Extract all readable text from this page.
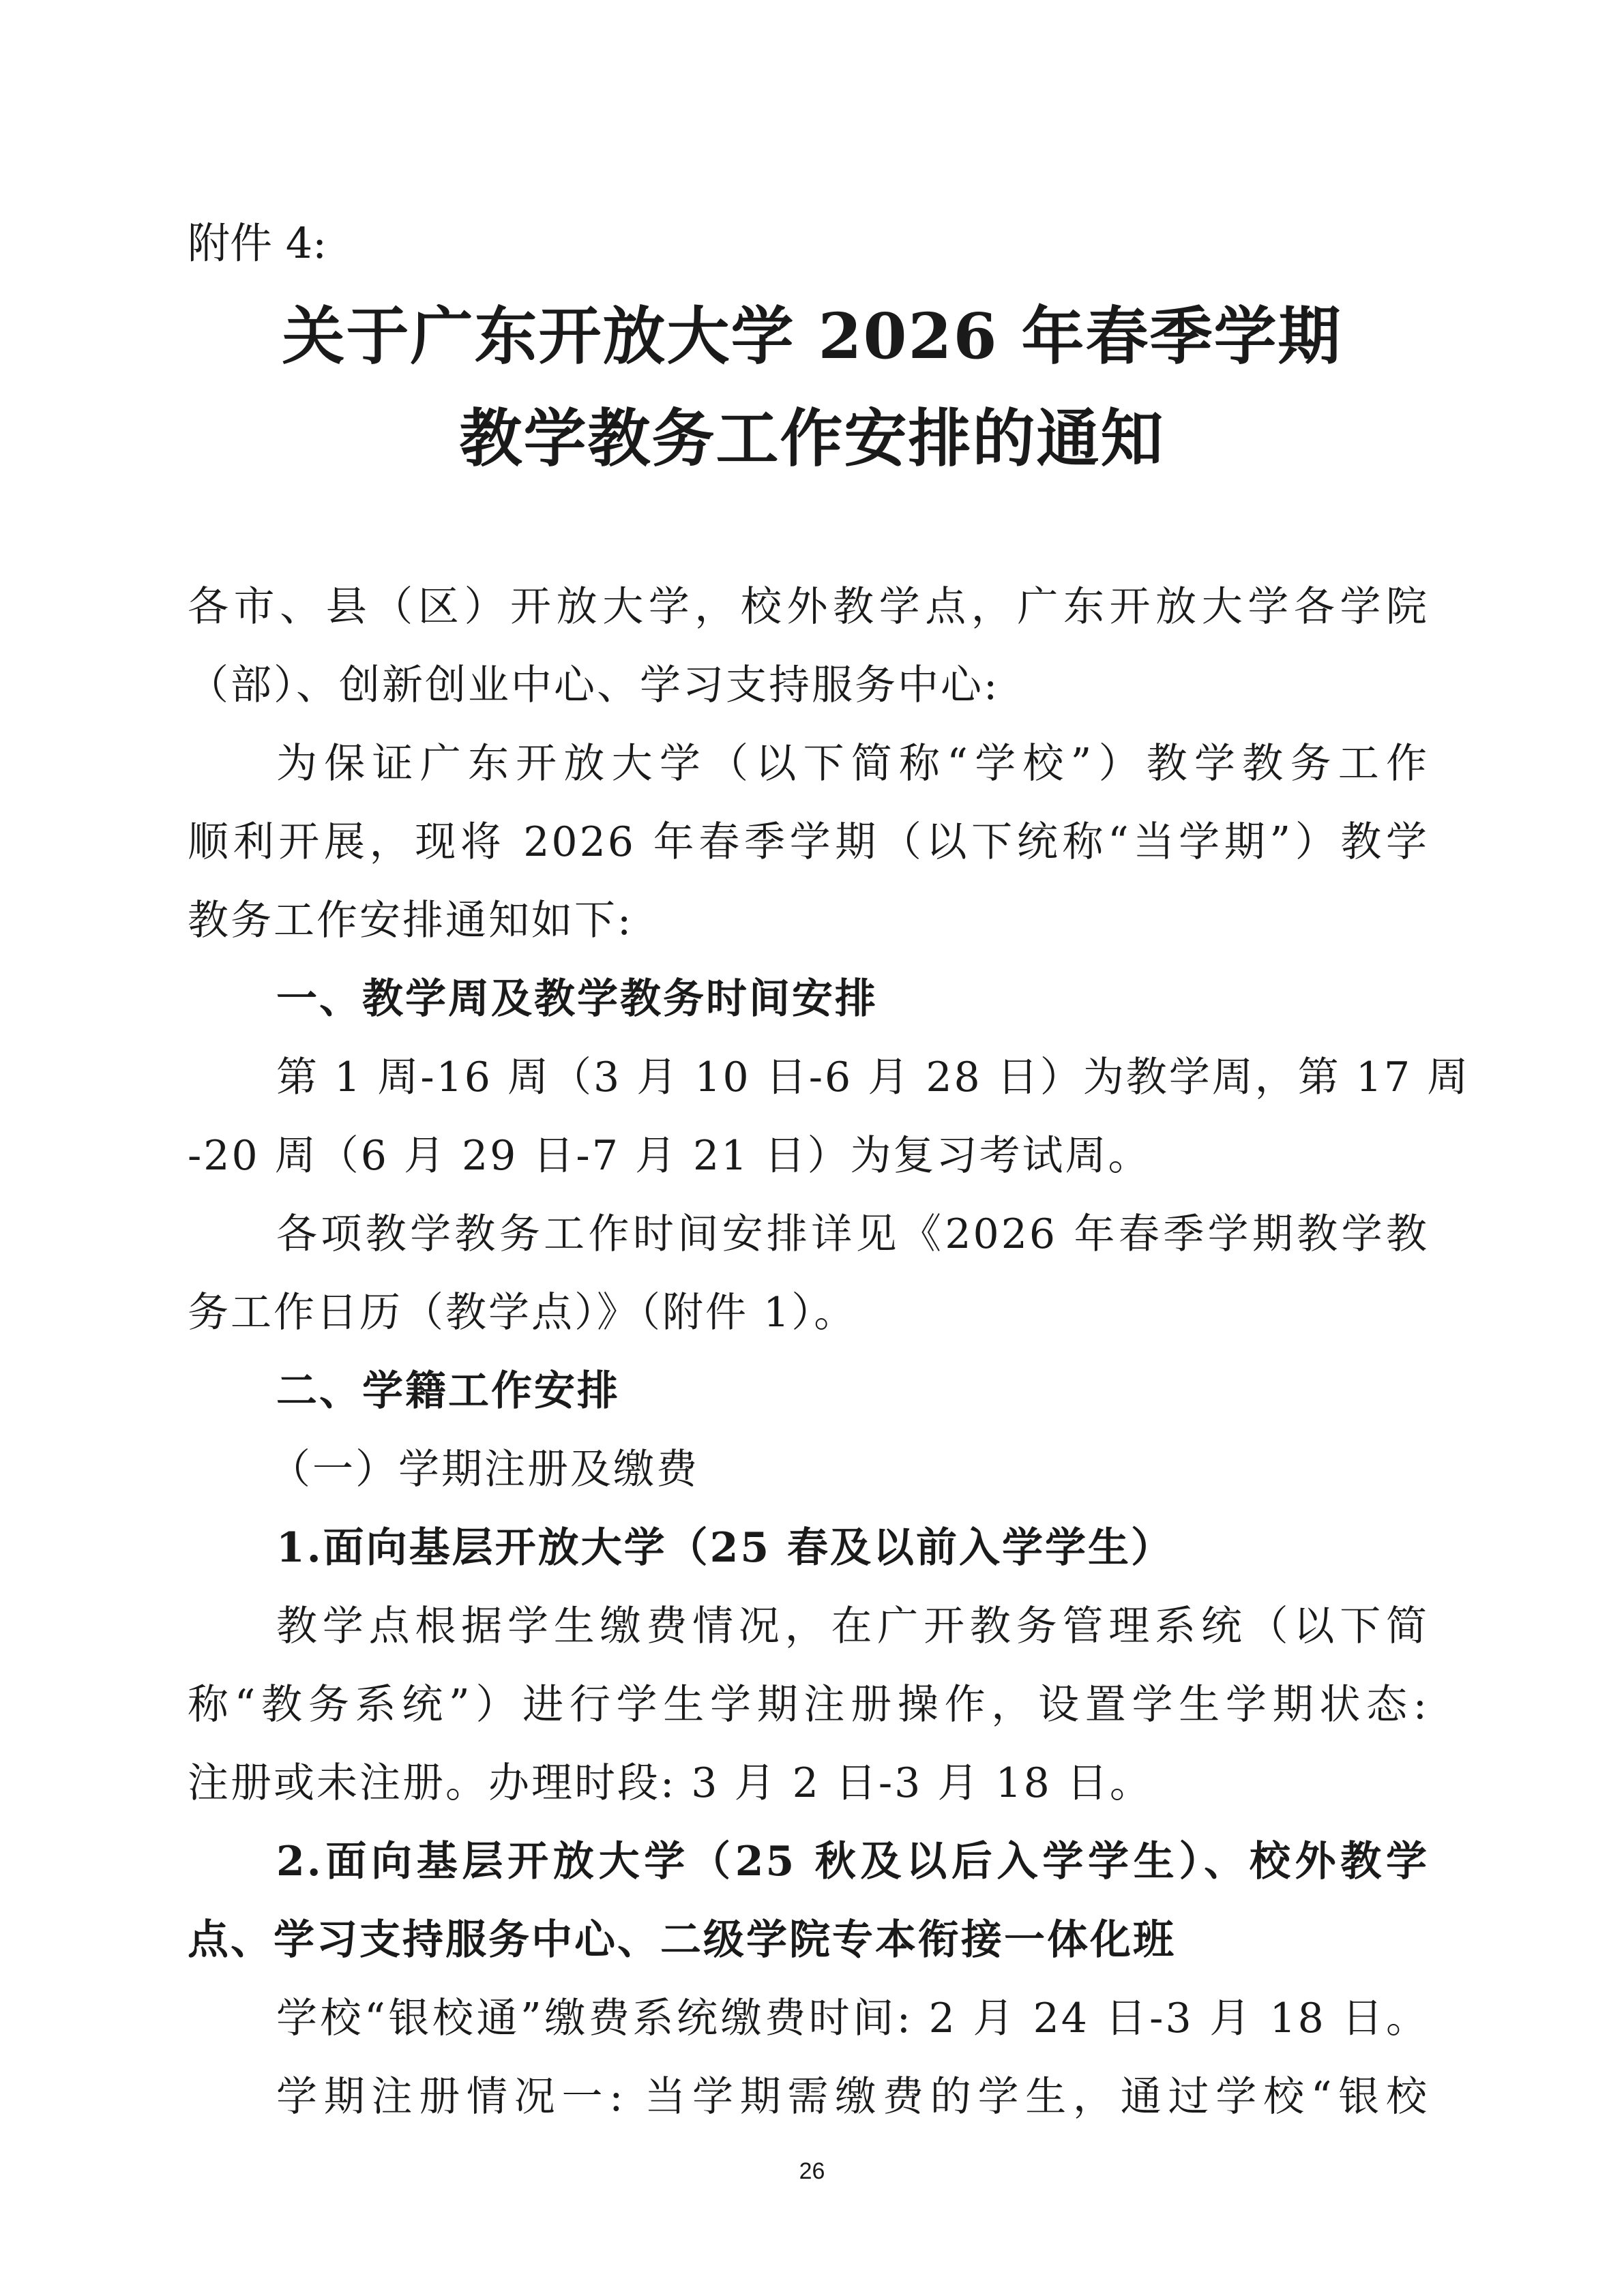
附件 4:
关于广东开放大学 2026 年春季学期
教学教务工作安排的通知
各市、县（区）开放大学，校外教学点，广东开放大学各学院
（部）、创新创业中心、学习支持服务中心:
为保证广东开放大学（以下简称“学校”）教学教务工作
顺利开展，现将 2026 年春季学期（以下统称“当学期”）教学
教务工作安排通知如下:
一、教学周及教学教务时间安排
第 1 周-16 周（3 月 10 日-6 月 28 日）为教学周，第 17 周
-20 周（6 月 29 日-7 月 21 日）为复习考试周。
各项教学教务工作时间安排详见《2026 年春季学期教学教
务工作日历（教学点）》（附件 1）。
二、学籍工作安排
（一）学期注册及缴费
1.面向基层开放大学（25 春及以前入学学生）
教学点根据学生缴费情况，在广开教务管理系统（以下简
称“教务系统”）进行学生学期注册操作，设置学生学期状态:
注册或未注册。办理时段: 3 月 2 日-3 月 18 日。
2.面向基层开放大学（25 秋及以后入学学生）、校外教学
点、学习支持服务中心、二级学院专本衔接一体化班
学校“银校通”缴费系统缴费时间: 2 月 24 日-3 月 18 日。
学期注册情况一: 当学期需缴费的学生，通过学校“银校
26
